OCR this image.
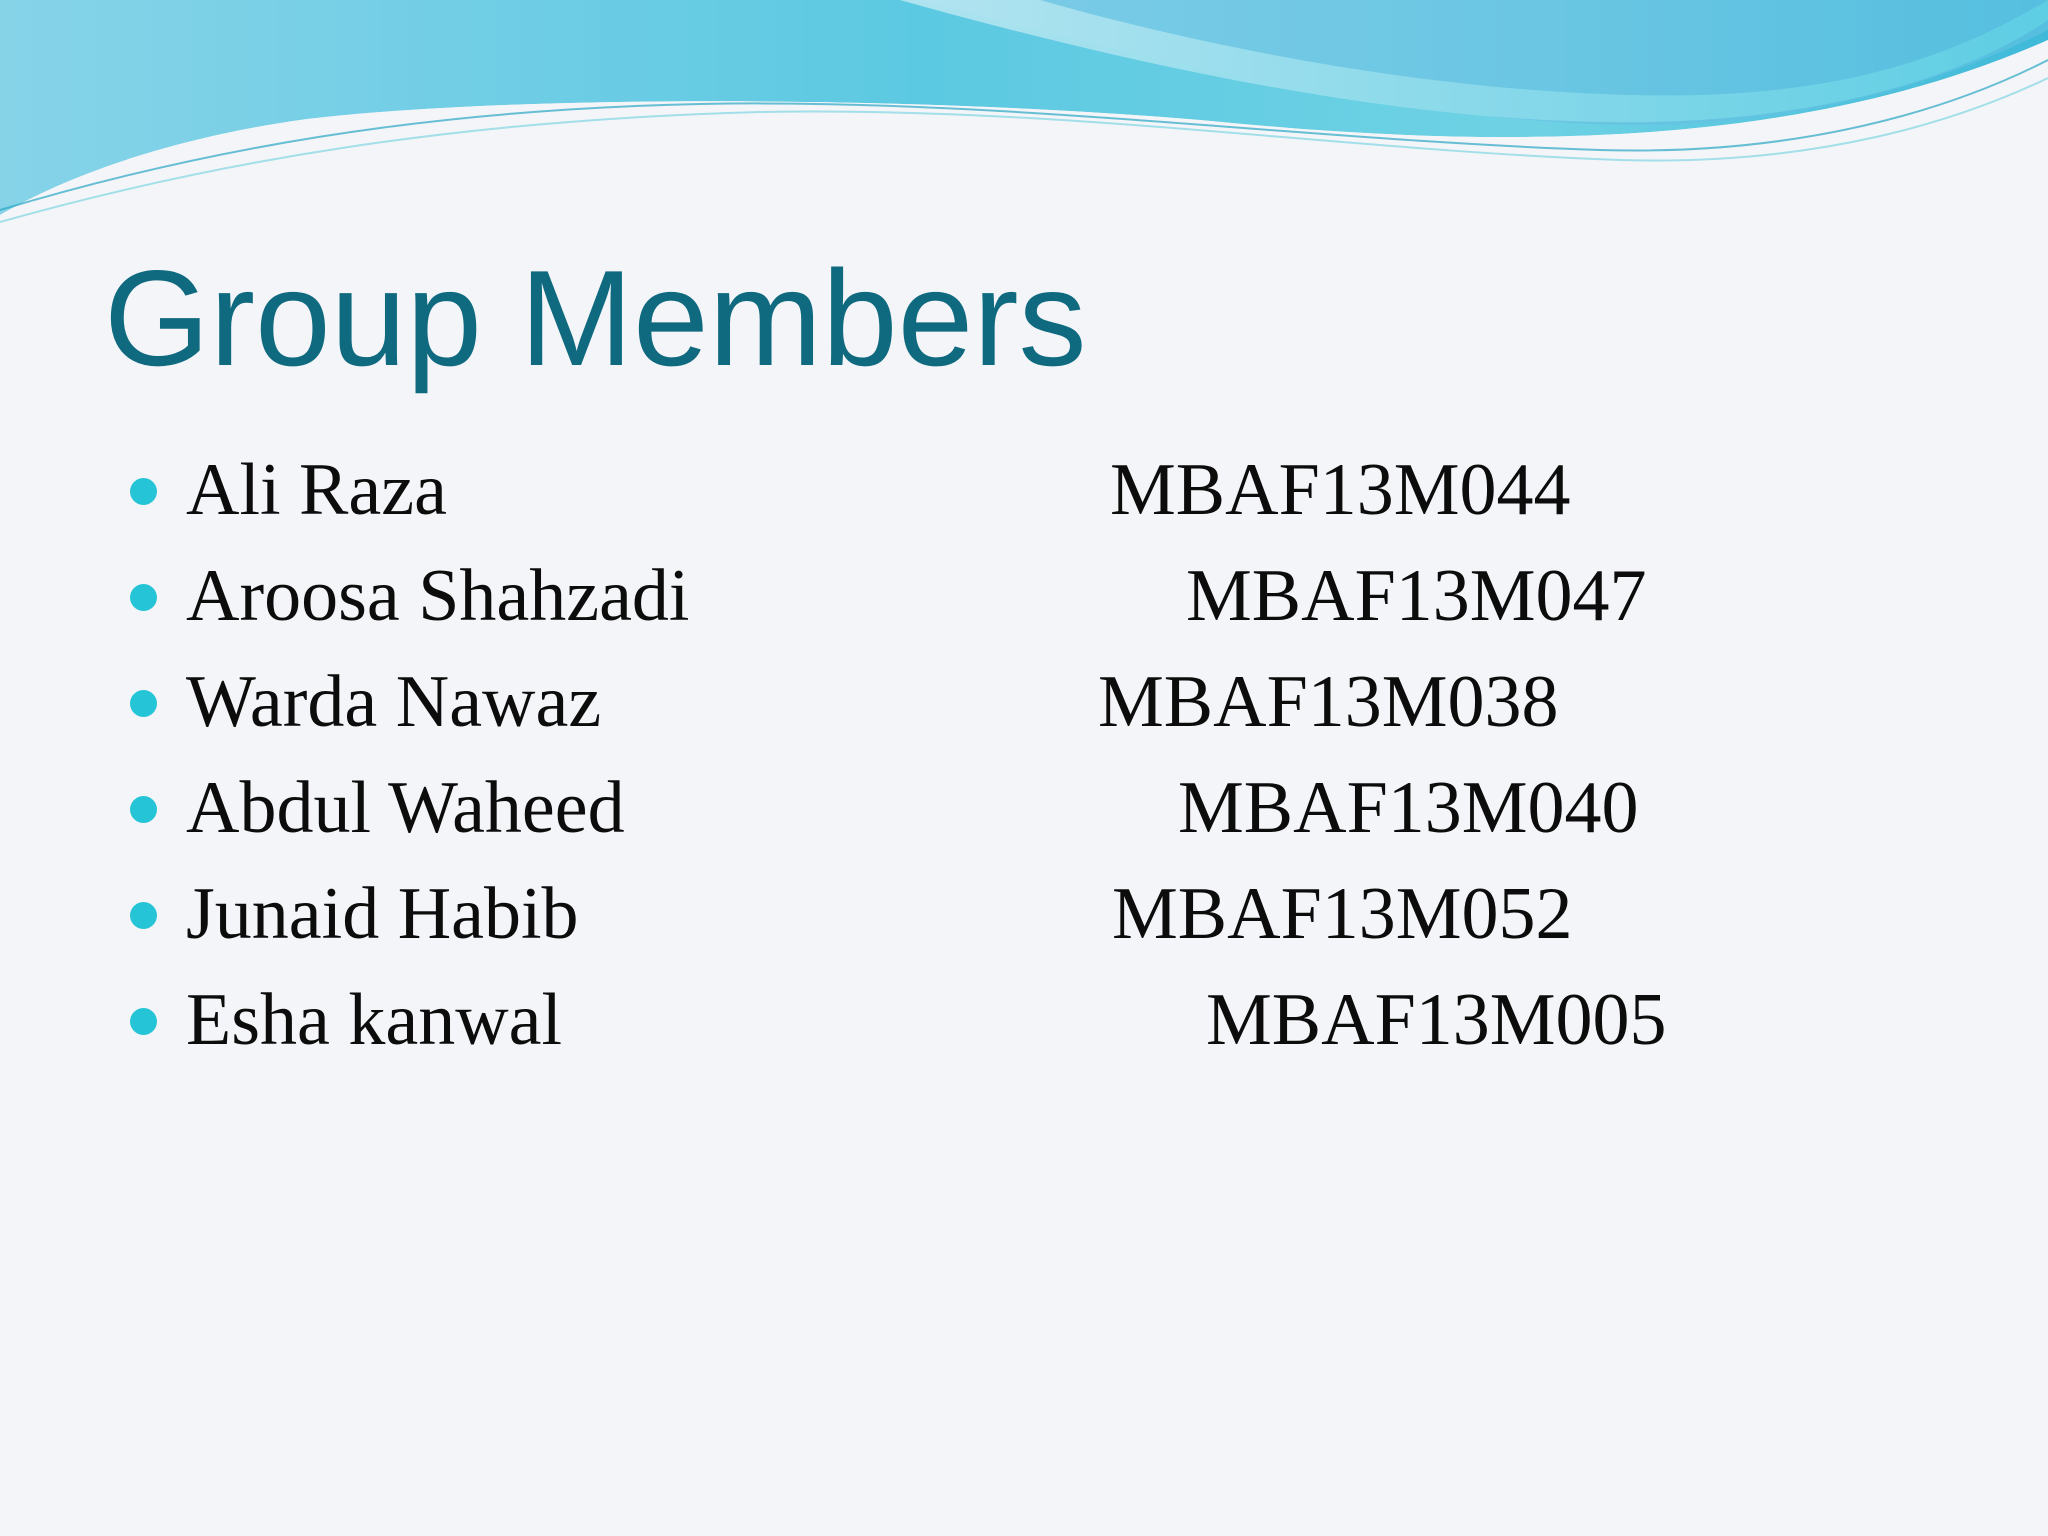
Group Members
Ali Raza	MBAF13M044
Aroosa Shahzadi	MBAF13M047
Warda Nawaz	MBAF13M038
Abdul Waheed	MBAF13M040
Junaid Habib	MBAF13M052
Esha kanwal	MBAF13M005
